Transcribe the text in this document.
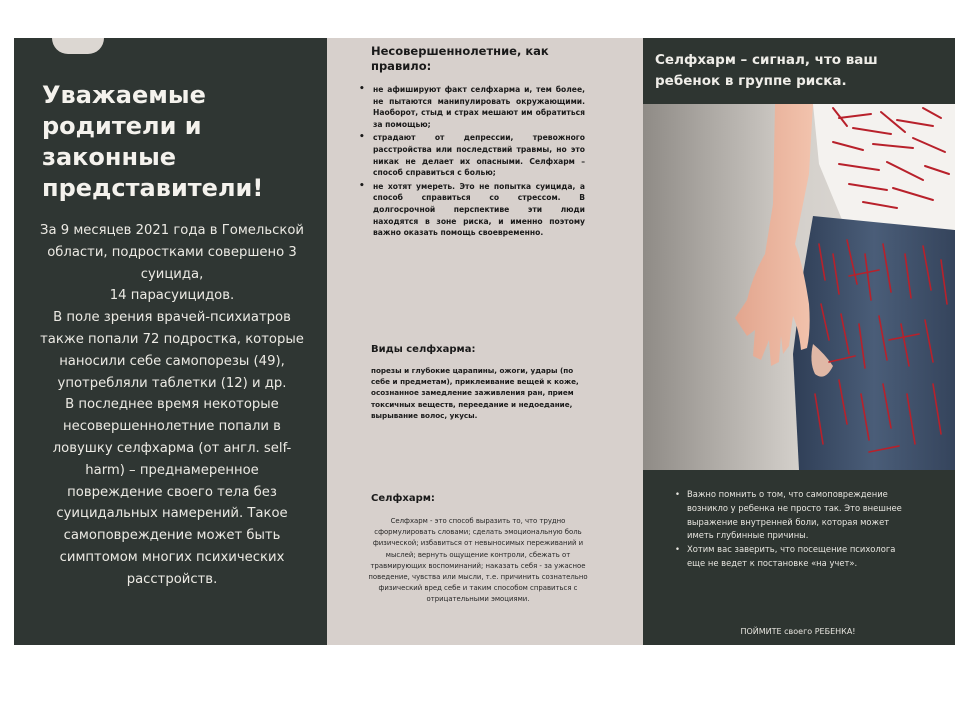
Уважаемые родители и законные представители!

За 9 месяцев 2021 года в Гомельской области, подростками совершено 3 суицида,

14 парасуицидов.

В поле зрения врачей-психиатров также попали 72 подростка, которые наносили себе самопорезы (49), употребляли таблетки (12) и др.

В последнее время некоторые несовершеннолетние попали в ловушку селфхарма (от англ. self-harm) – преднамеренное повреждение своего тела без суицидальных намерений. Такое самоповреждение может быть симптомом многих психических расстройств.

Несовершеннолетние, как правило:
• не афишируют факт селфхарма и, тем более, не пытаются манипулировать окружающими. Наоборот, стыд и страх мешают им обратиться за помощью;
• страдают от депрессии, тревожного расстройства или последствий травмы, но это никак не делает их опасными. Селфхарм – способ справиться с болью;
• не хотят умереть. Это не попытка суицида, а способ справиться со стрессом. В долгосрочной перспективе эти люди находятся в зоне риска, и именно поэтому важно оказать помощь своевременно.
Виды селфхарма:
порезы и глубокие царапины, ожоги, удары (по себе и предметам), приклеивание вещей к коже, осознанное замедление заживления ран, прием токсичных веществ, переедание и недоедание, вырывание волос, укусы.
Селфхарм:
Селфхарм - это способ выразить то, что трудно сформулировать словами; сделать эмоциональную боль физической; избавиться от невыносимых переживаний и мыслей; вернуть ощущение контроли, сбежать от травмирующих воспоминаний; наказать себя - за ужасное поведение, чувства или мысли, т.е. причинить сознательно физический вред себе и таким способом справиться с отрицательными эмоциями.
Селфхарм – сигнал, что ваш ребенок в группе риска.
• Важно помнить о том, что самоповреждение возникло у ребенка не просто так. Это внешнее выражение внутренней боли, которая может иметь глубинные причины.
• Хотим вас заверить, что посещение психолога еще не ведет к постановке «на учет».
ПОЙМИТЕ своего РЕБЕНКА!
